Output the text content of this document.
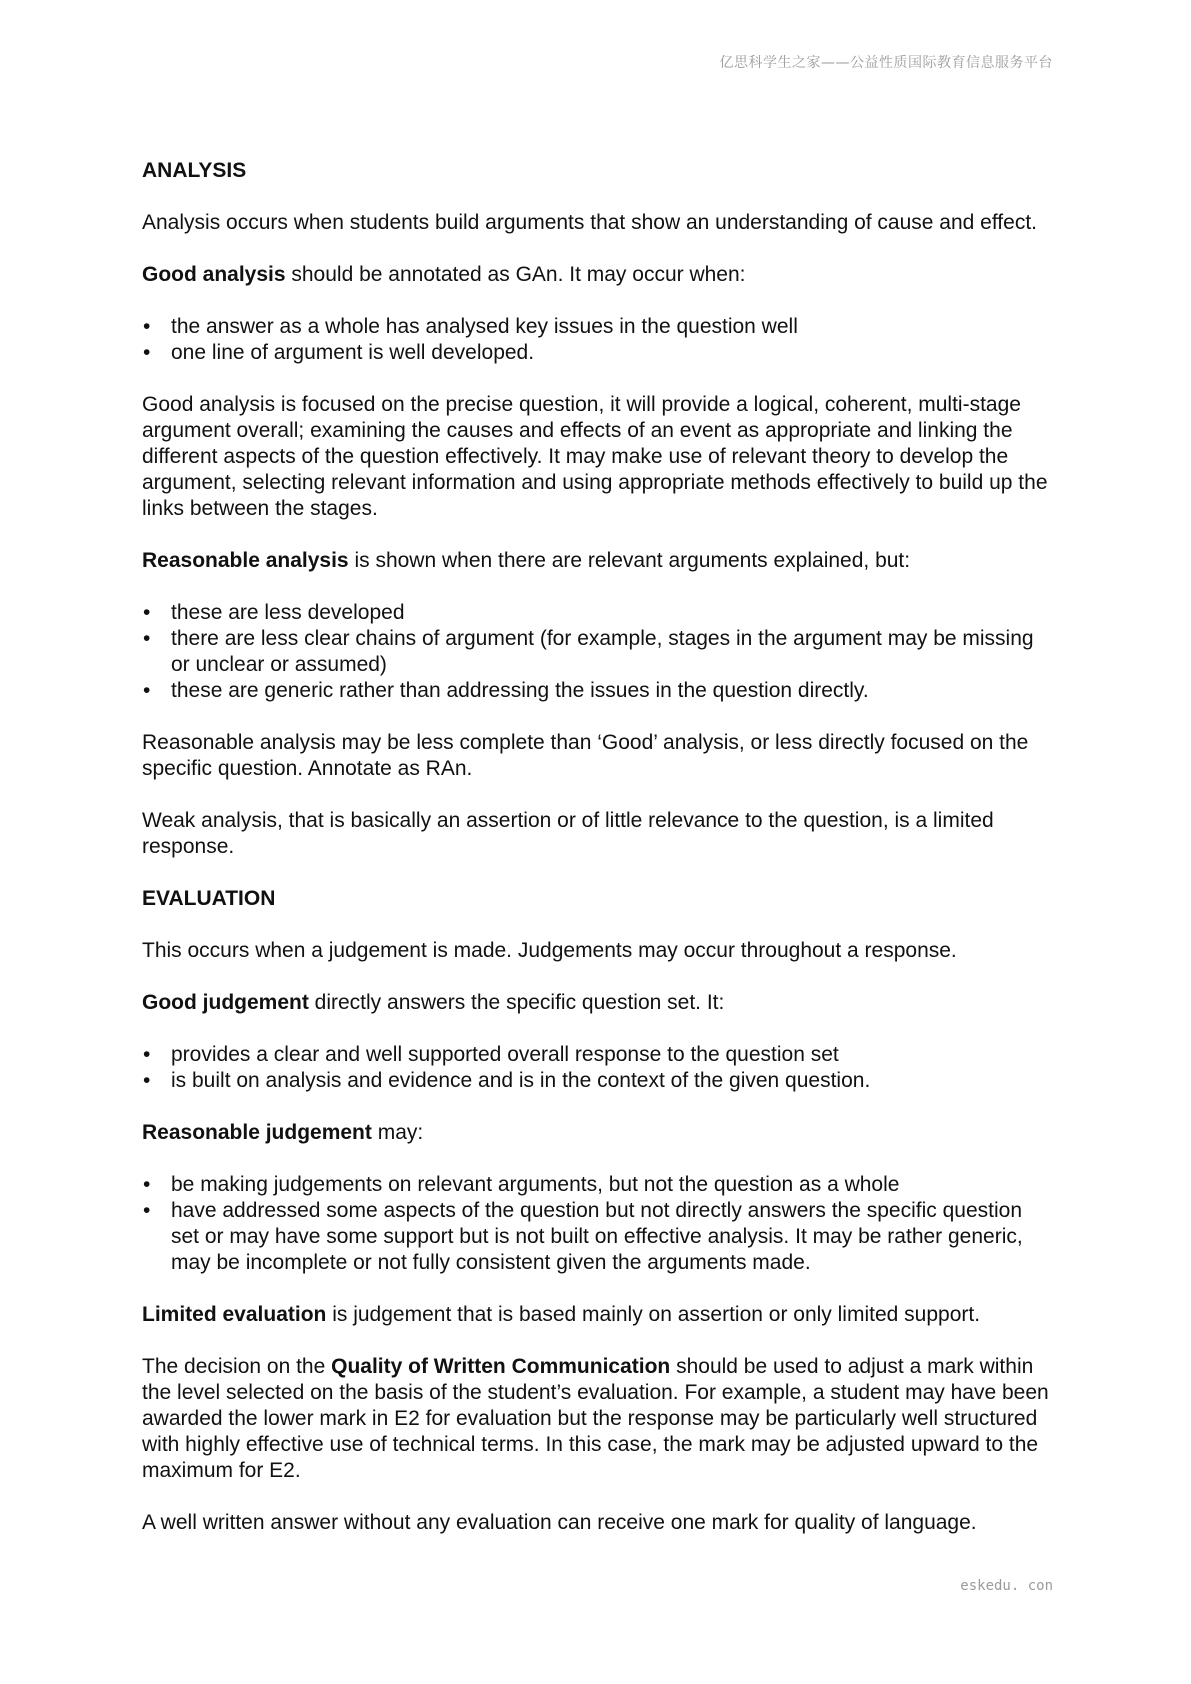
亿思科学生之家——公益性质国际教育信息服务平台
ANALYSIS

Analysis occurs when students build arguments that show an understanding of cause and effect.

Good analysis should be annotated as GAn. It may occur when:

• the answer as a whole has analysed key issues in the question well
• one line of argument is well developed.

Good analysis is focused on the precise question, it will provide a logical, coherent, multi-stage argument overall; examining the causes and effects of an event as appropriate and linking the different aspects of the question effectively. It may make use of relevant theory to develop the argument, selecting relevant information and using appropriate methods effectively to build up the links between the stages.

Reasonable analysis is shown when there are relevant arguments explained, but:

• these are less developed
• there are less clear chains of argument (for example, stages in the argument may be missing or unclear or assumed)
• these are generic rather than addressing the issues in the question directly.

Reasonable analysis may be less complete than ‘Good’ analysis, or less directly focused on the specific question. Annotate as RAn.

Weak analysis, that is basically an assertion or of little relevance to the question, is a limited response.

EVALUATION

This occurs when a judgement is made. Judgements may occur throughout a response.

Good judgement directly answers the specific question set. It:

• provides a clear and well supported overall response to the question set
• is built on analysis and evidence and is in the context of the given question.

Reasonable judgement may:

• be making judgements on relevant arguments, but not the question as a whole
• have addressed some aspects of the question but not directly answers the specific question set or may have some support but is not built on effective analysis. It may be rather generic, may be incomplete or not fully consistent given the arguments made.

Limited evaluation is judgement that is based mainly on assertion or only limited support.

The decision on the Quality of Written Communication should be used to adjust a mark within the level selected on the basis of the student’s evaluation. For example, a student may have been awarded the lower mark in E2 for evaluation but the response may be particularly well structured with highly effective use of technical terms. In this case, the mark may be adjusted upward to the maximum for E2.

A well written answer without any evaluation can receive one mark for quality of language.

eskedu. con
